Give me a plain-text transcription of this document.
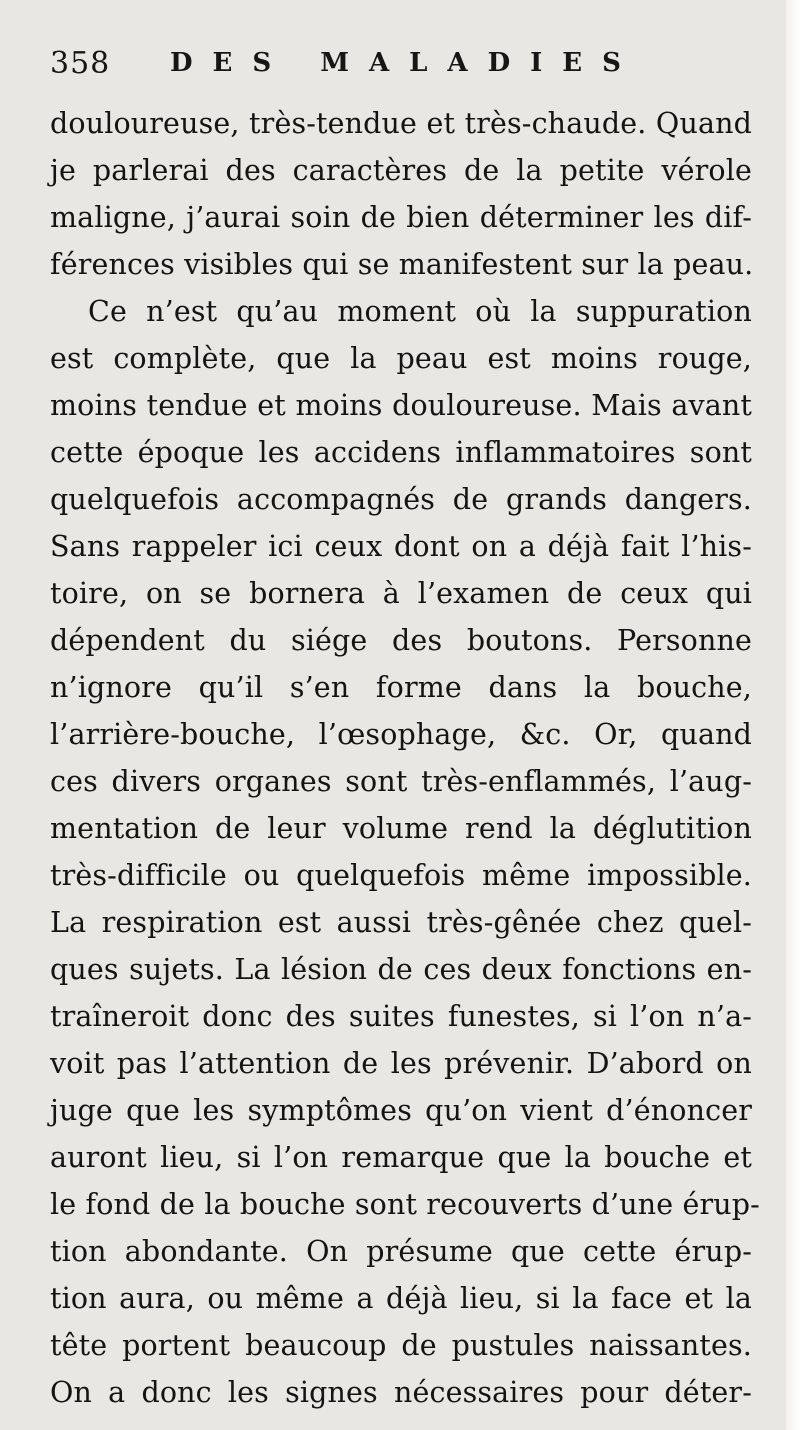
358 DES MALADIES
douloureuse, très-tendue et très-chaude. Quand
je parlerai des caractères de la petite vérole
maligne, j’aurai soin de bien déterminer les dif-
férences visibles qui se manifestent sur la peau.
Ce n’est qu’au moment où la suppuration
est complète, que la peau est moins rouge,
moins tendue et moins douloureuse. Mais avant
cette époque les accidens inflammatoires sont
quelquefois accompagnés de grands dangers.
Sans rappeler ici ceux dont on a déjà fait l’his-
toire, on se bornera à l’examen de ceux qui
dépendent du siége des boutons. Personne
n’ignore qu’il s’en forme dans la bouche,
l’arrière-bouche, l’œsophage, &c. Or, quand
ces divers organes sont très-enflammés, l’aug-
mentation de leur volume rend la déglutition
très-difficile ou quelquefois même impossible.
La respiration est aussi très-gênée chez quel-
ques sujets. La lésion de ces deux fonctions en-
traîneroit donc des suites funestes, si l’on n’a-
voit pas l’attention de les prévenir. D’abord on
juge que les symptômes qu’on vient d’énoncer
auront lieu, si l’on remarque que la bouche et
le fond de la bouche sont recouverts d’une érup-
tion abondante. On présume que cette érup-
tion aura, ou même a déjà lieu, si la face et la
tête portent beaucoup de pustules naissantes.
On a donc les signes nécessaires pour déter-
